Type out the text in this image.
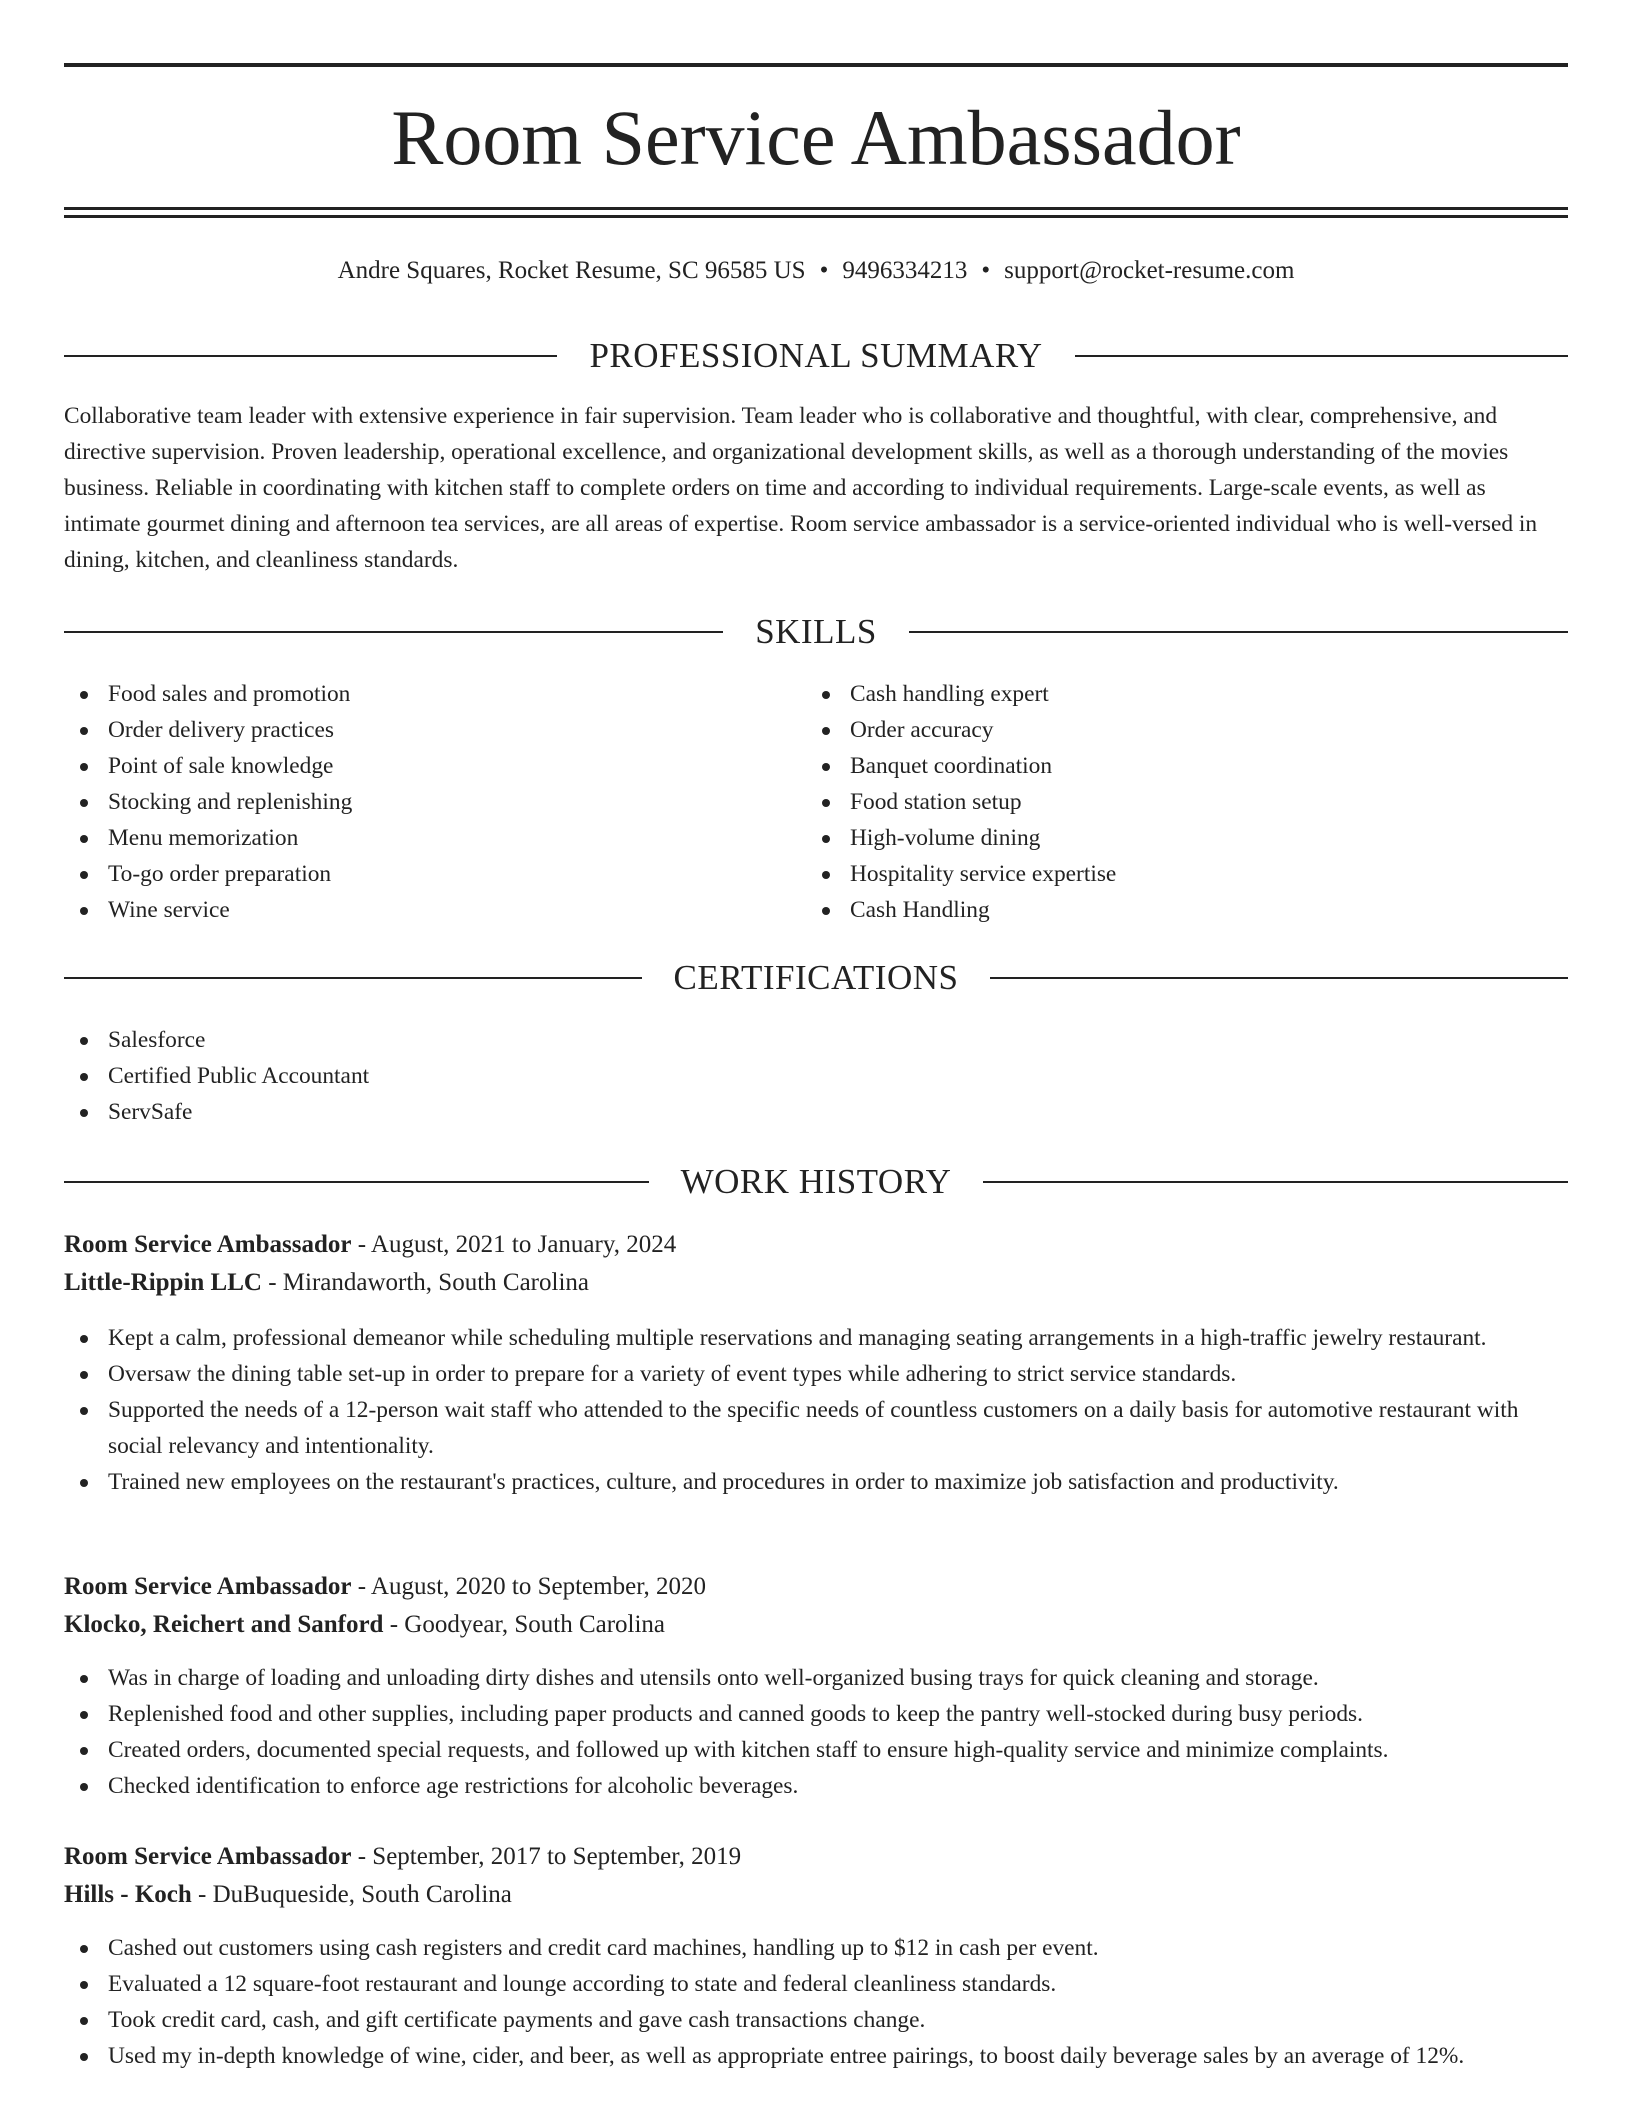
Room Service Ambassador
Andre Squares, Rocket Resume, SC 96585 US • 9496334213 • support@rocket-resume.com
PROFESSIONAL SUMMARY

Collaborative team leader with extensive experience in fair supervision. Team leader who is collaborative and thoughtful, with clear, comprehensive, and directive supervision. Proven leadership, operational excellence, and organizational development skills, as well as a thorough understanding of the movies business. Reliable in coordinating with kitchen staff to complete orders on time and according to individual requirements. Large-scale events, as well as intimate gourmet dining and afternoon tea services, are all areas of expertise. Room service ambassador is a service-oriented individual who is well-versed in dining, kitchen, and cleanliness standards.

SKILLS
Food sales and promotion
Order delivery practices
Point of sale knowledge
Stocking and replenishing
Menu memorization
To-go order preparation
Wine service
Cash handling expert
Order accuracy
Banquet coordination
Food station setup
High-volume dining
Hospitality service expertise
Cash Handling
CERTIFICATIONS
Salesforce
Certified Public Accountant
ServSafe
WORK HISTORY
Room Service Ambassador - August, 2021 to January, 2024
Little-Rippin LLC - Mirandaworth, South Carolina
Kept a calm, professional demeanor while scheduling multiple reservations and managing seating arrangements in a high-traffic jewelry restaurant.
Oversaw the dining table set-up in order to prepare for a variety of event types while adhering to strict service standards.
Supported the needs of a 12-person wait staff who attended to the specific needs of countless customers on a daily basis for automotive restaurant with social relevancy and intentionality.
Trained new employees on the restaurant's practices, culture, and procedures in order to maximize job satisfaction and productivity.
Room Service Ambassador - August, 2020 to September, 2020
Klocko, Reichert and Sanford - Goodyear, South Carolina
Was in charge of loading and unloading dirty dishes and utensils onto well-organized busing trays for quick cleaning and storage.
Replenished food and other supplies, including paper products and canned goods to keep the pantry well-stocked during busy periods.
Created orders, documented special requests, and followed up with kitchen staff to ensure high-quality service and minimize complaints.
Checked identification to enforce age restrictions for alcoholic beverages.
Room Service Ambassador - September, 2017 to September, 2019
Hills - Koch - DuBuqueside, South Carolina
Cashed out customers using cash registers and credit card machines, handling up to $12 in cash per event.
Evaluated a 12 square-foot restaurant and lounge according to state and federal cleanliness standards.
Took credit card, cash, and gift certificate payments and gave cash transactions change.
Used my in-depth knowledge of wine, cider, and beer, as well as appropriate entree pairings, to boost daily beverage sales by an average of 12%.
